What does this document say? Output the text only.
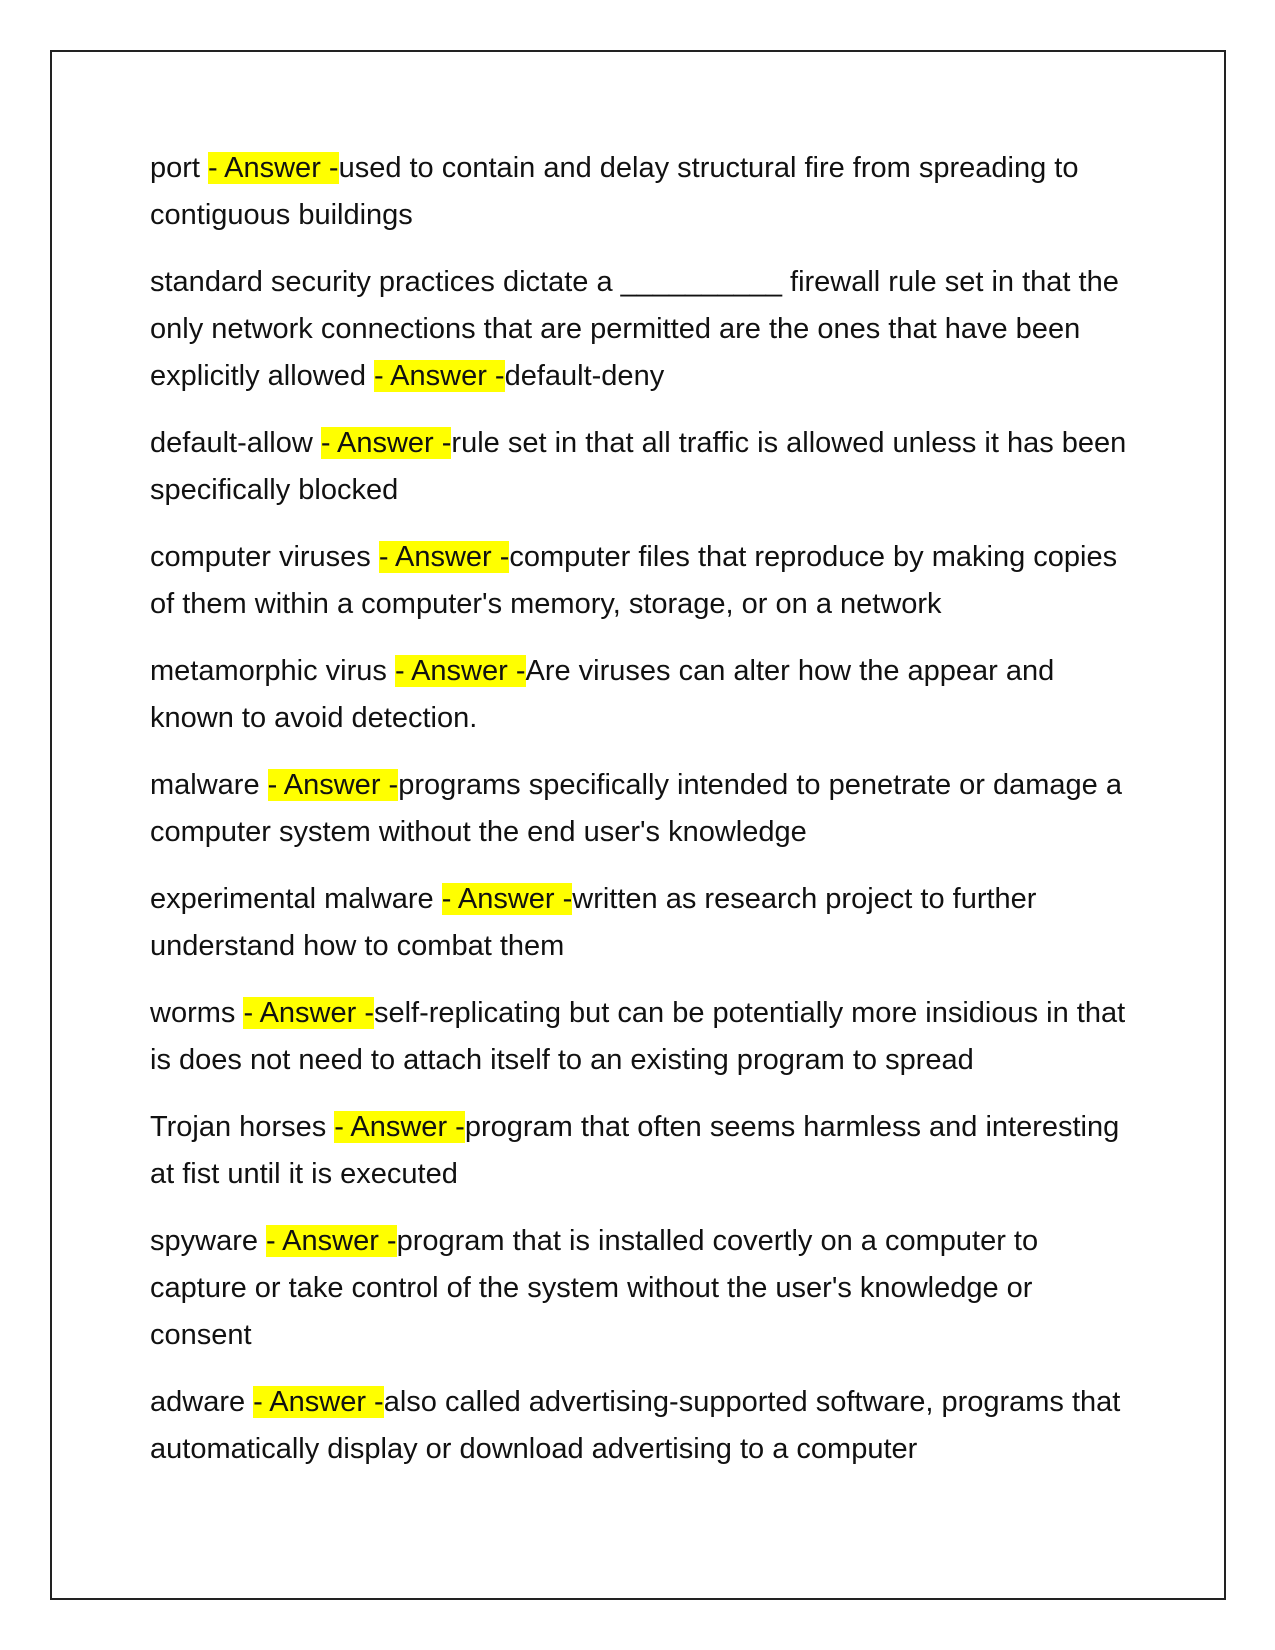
port - Answer -used to contain and delay structural fire from spreading to contiguous buildings

standard security practices dictate a __________ firewall rule set in that the only network connections that are permitted are the ones that have been explicitly allowed - Answer -default-deny

default-allow - Answer -rule set in that all traffic is allowed unless it has been specifically blocked

computer viruses - Answer -computer files that reproduce by making copies of them within a computer's memory, storage, or on a network

metamorphic virus - Answer -Are viruses can alter how the appear and known to avoid detection.

malware - Answer -programs specifically intended to penetrate or damage a computer system without the end user's knowledge

experimental malware - Answer -written as research project to further understand how to combat them

worms - Answer -self-replicating but can be potentially more insidious in that is does not need to attach itself to an existing program to spread

Trojan horses - Answer -program that often seems harmless and interesting at fist until it is executed

spyware - Answer -program that is installed covertly on a computer to capture or take control of the system without the user's knowledge or consent

adware - Answer -also called advertising-supported software, programs that automatically display or download advertising to a computer
